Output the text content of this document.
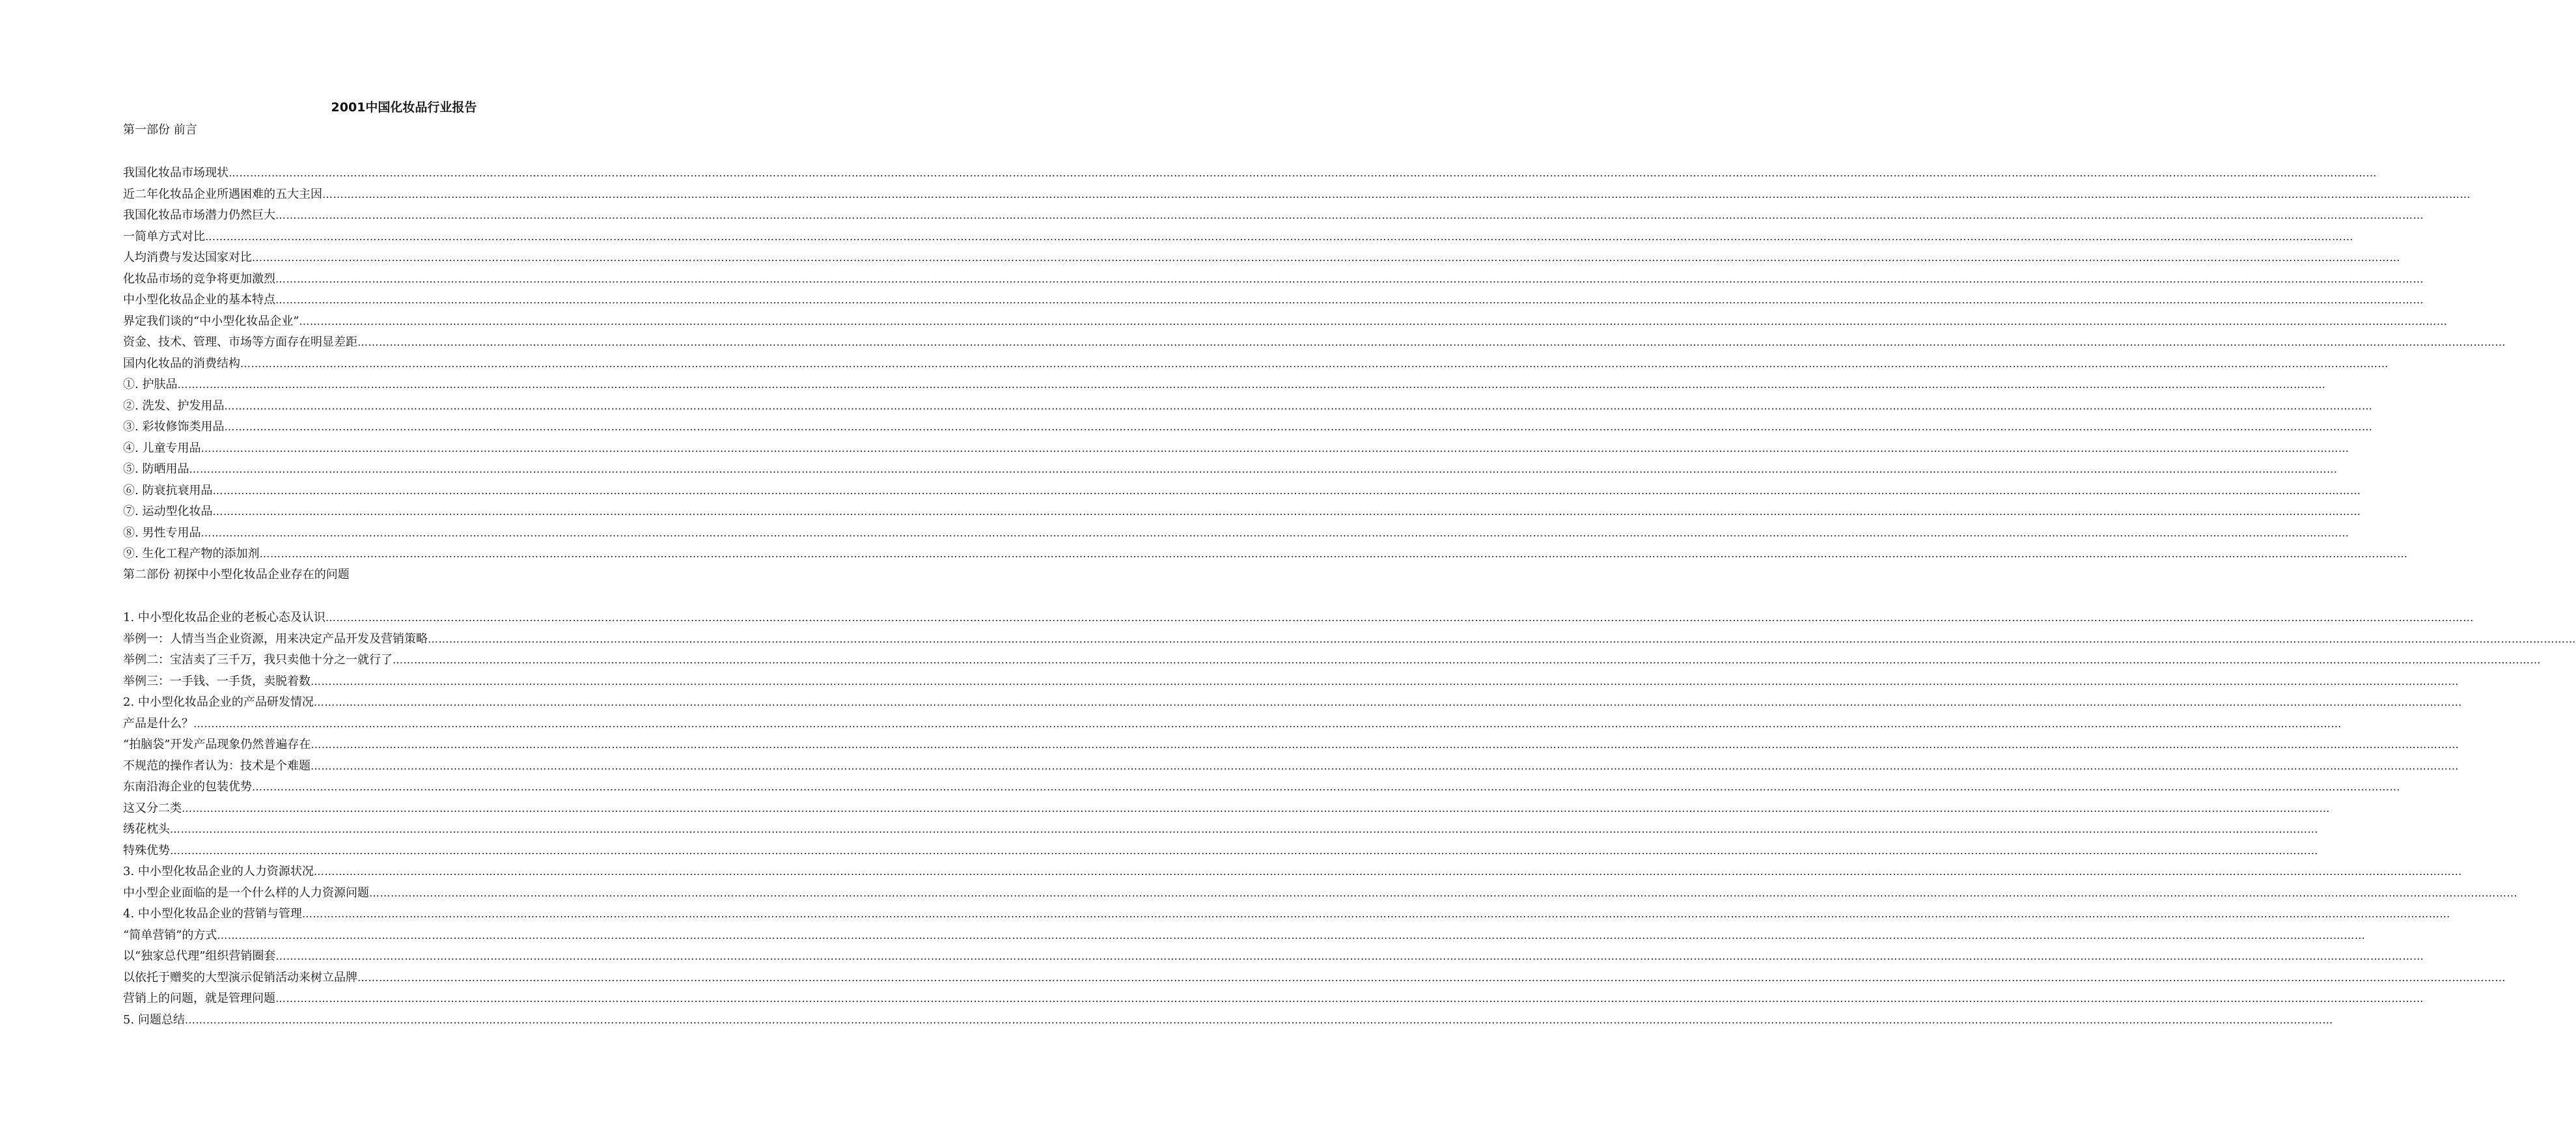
2001中国化妆品行业报告
第一部份 前言
我国化妆品市场现状 ……………………………………………………………………………………………………………………………………………………………………………………………………………………………………………………………………………………………………………………………………………………………………………………………………………………………………………………………………………………………………………………………………………………
近二年化妆品企业所遇困难的五大主因 ……………………………………………………………………………………………………………………………………………………………………………………………………………………………………………………………………………………………………………………………………………………………………………………………………………………………………………………………………………………………………………………………………………………
我国化妆品市场潜力仍然巨大 ……………………………………………………………………………………………………………………………………………………………………………………………………………………………………………………………………………………………………………………………………………………………………………………………………………………………………………………………………………………………………………………………………………………
一简单方式对比 ……………………………………………………………………………………………………………………………………………………………………………………………………………………………………………………………………………………………………………………………………………………………………………………………………………………………………………………………………………………………………………………………………………………
人均消费与发达国家对比 ……………………………………………………………………………………………………………………………………………………………………………………………………………………………………………………………………………………………………………………………………………………………………………………………………………………………………………………………………………………………………………………………………………………
化妆品市场的竞争将更加激烈 ……………………………………………………………………………………………………………………………………………………………………………………………………………………………………………………………………………………………………………………………………………………………………………………………………………………………………………………………………………………………………………………………………………………
中小型化妆品企业的基本特点 ……………………………………………………………………………………………………………………………………………………………………………………………………………………………………………………………………………………………………………………………………………………………………………………………………………………………………………………………………………………………………………………………………………………
界定我们谈的“中小型化妆品企业” ……………………………………………………………………………………………………………………………………………………………………………………………………………………………………………………………………………………………………………………………………………………………………………………………………………………………………………………………………………………………………………………………………………………
资金、技术、管理、市场等方面存在明显差距 ……………………………………………………………………………………………………………………………………………………………………………………………………………………………………………………………………………………………………………………………………………………………………………………………………………………………………………………………………………………………………………………………………………………
国内化妆品的消费结构 ……………………………………………………………………………………………………………………………………………………………………………………………………………………………………………………………………………………………………………………………………………………………………………………………………………………………………………………………………………………………………………………………………………………
①. 护肤品 ……………………………………………………………………………………………………………………………………………………………………………………………………………………………………………………………………………………………………………………………………………………………………………………………………………………………………………………………………………………………………………………………………………………
②. 洗发、护发用品 ……………………………………………………………………………………………………………………………………………………………………………………………………………………………………………………………………………………………………………………………………………………………………………………………………………………………………………………………………………………………………………………………………………………
③. 彩妆修饰类用品 ……………………………………………………………………………………………………………………………………………………………………………………………………………………………………………………………………………………………………………………………………………………………………………………………………………………………………………………………………………………………………………………………………………………
④. 儿童专用品 ……………………………………………………………………………………………………………………………………………………………………………………………………………………………………………………………………………………………………………………………………………………………………………………………………………………………………………………………………………………………………………………………………………………
⑤. 防晒用品 ……………………………………………………………………………………………………………………………………………………………………………………………………………………………………………………………………………………………………………………………………………………………………………………………………………………………………………………………………………………………………………………………………………………
⑥. 防衰抗衰用品 ……………………………………………………………………………………………………………………………………………………………………………………………………………………………………………………………………………………………………………………………………………………………………………………………………………………………………………………………………………………………………………………………………………………
⑦. 运动型化妆品 ……………………………………………………………………………………………………………………………………………………………………………………………………………………………………………………………………………………………………………………………………………………………………………………………………………………………………………………………………………………………………………………………………………………
⑧. 男性专用品 ……………………………………………………………………………………………………………………………………………………………………………………………………………………………………………………………………………………………………………………………………………………………………………………………………………………………………………………………………………………………………………………………………………………
⑨. 生化工程产物的添加剂 ……………………………………………………………………………………………………………………………………………………………………………………………………………………………………………………………………………………………………………………………………………………………………………………………………………………………………………………………………………………………………………………………………………………
第二部份 初探中小型化妆品企业存在的问题
1. 中小型化妆品企业的老板心态及认识 ……………………………………………………………………………………………………………………………………………………………………………………………………………………………………………………………………………………………………………………………………………………………………………………………………………………………………………………………………………………………………………………………………………………
举例一：人情当当企业资源，用来决定产品开发及营销策略 ……………………………………………………………………………………………………………………………………………………………………………………………………………………………………………………………………………………………………………………………………………………………………………………………………………………………………………………………………………………………………………………………………………………
举例二：宝洁卖了三千万，我只卖他十分之一就行了 ……………………………………………………………………………………………………………………………………………………………………………………………………………………………………………………………………………………………………………………………………………………………………………………………………………………………………………………………………………………………………………………………………………………
举例三：一手钱、一手货，卖脱着数 ……………………………………………………………………………………………………………………………………………………………………………………………………………………………………………………………………………………………………………………………………………………………………………………………………………………………………………………………………………………………………………………………………………………
2. 中小型化妆品企业的产品研发情况 ……………………………………………………………………………………………………………………………………………………………………………………………………………………………………………………………………………………………………………………………………………………………………………………………………………………………………………………………………………………………………………………………………………………
产品是什么？ ……………………………………………………………………………………………………………………………………………………………………………………………………………………………………………………………………………………………………………………………………………………………………………………………………………………………………………………………………………………………………………………………………………………
“拍脑袋”开发产品现象仍然普遍存在 ……………………………………………………………………………………………………………………………………………………………………………………………………………………………………………………………………………………………………………………………………………………………………………………………………………………………………………………………………………………………………………………………………………………
不规范的操作者认为：技术是个难题 ……………………………………………………………………………………………………………………………………………………………………………………………………………………………………………………………………………………………………………………………………………………………………………………………………………………………………………………………………………………………………………………………………………………
东南沿海企业的包装优势 ……………………………………………………………………………………………………………………………………………………………………………………………………………………………………………………………………………………………………………………………………………………………………………………………………………………………………………………………………………………………………………………………………………………
这又分二类 ……………………………………………………………………………………………………………………………………………………………………………………………………………………………………………………………………………………………………………………………………………………………………………………………………………………………………………………………………………………………………………………………………………………
绣花枕头 ……………………………………………………………………………………………………………………………………………………………………………………………………………………………………………………………………………………………………………………………………………………………………………………………………………………………………………………………………………………………………………………………………………………
特殊优势 ……………………………………………………………………………………………………………………………………………………………………………………………………………………………………………………………………………………………………………………………………………………………………………………………………………………………………………………………………………………………………………………………………………………
3. 中小型化妆品企业的人力资源状况 ……………………………………………………………………………………………………………………………………………………………………………………………………………………………………………………………………………………………………………………………………………………………………………………………………………………………………………………………………………………………………………………………………………………
中小型企业面临的是一个什么样的人力资源问题 ……………………………………………………………………………………………………………………………………………………………………………………………………………………………………………………………………………………………………………………………………………………………………………………………………………………………………………………………………………………………………………………………………………………
4. 中小型化妆品企业的营销与管理 ……………………………………………………………………………………………………………………………………………………………………………………………………………………………………………………………………………………………………………………………………………………………………………………………………………………………………………………………………………………………………………………………………………………
“简单营销”的方式 ……………………………………………………………………………………………………………………………………………………………………………………………………………………………………………………………………………………………………………………………………………………………………………………………………………………………………………………………………………………………………………………………………………………
以“独家总代理”组织营销圈套 ……………………………………………………………………………………………………………………………………………………………………………………………………………………………………………………………………………………………………………………………………………………………………………………………………………………………………………………………………………………………………………………………………………………
以依托于赠奖的大型演示促销活动来树立品牌 ……………………………………………………………………………………………………………………………………………………………………………………………………………………………………………………………………………………………………………………………………………………………………………………………………………………………………………………………………………………………………………………………………………………
营销上的问题，就是管理问题 ……………………………………………………………………………………………………………………………………………………………………………………………………………………………………………………………………………………………………………………………………………………………………………………………………………………………………………………………………………………………………………………………………………………
5. 问题总结 ……………………………………………………………………………………………………………………………………………………………………………………………………………………………………………………………………………………………………………………………………………………………………………………………………………………………………………………………………………………………………………………………………………………
